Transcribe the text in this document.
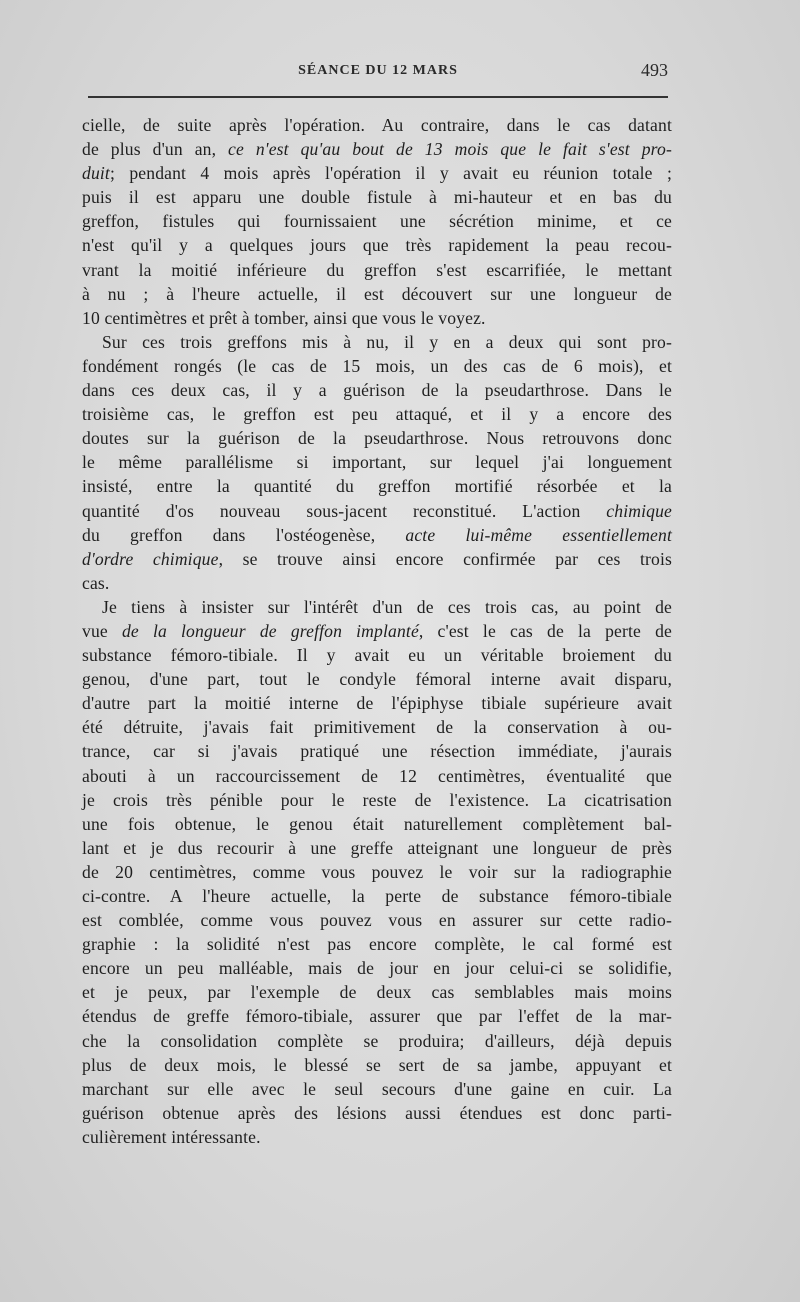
SÉANCE DU 12 MARS	493
cielle, de suite après l'opération. Au contraire, dans le cas datant
de plus d'un an, ce n'est qu'au bout de 13 mois que le fait s'est pro-
duit; pendant 4 mois après l'opération il y avait eu réunion totale ;
puis il est apparu une double fistule à mi-hauteur et en bas du
greffon, fistules qui fournissaient une sécrétion minime, et ce
n'est qu'il y a quelques jours que très rapidement la peau recou-
vrant la moitié inférieure du greffon s'est escarrifiée, le mettant
à nu ; à l'heure actuelle, il est découvert sur une longueur de
10 centimètres et prêt à tomber, ainsi que vous le voyez.
Sur ces trois greffons mis à nu, il y en a deux qui sont pro-
fondément rongés (le cas de 15 mois, un des cas de 6 mois), et
dans ces deux cas, il y a guérison de la pseudarthrose. Dans le
troisième cas, le greffon est peu attaqué, et il y a encore des
doutes sur la guérison de la pseudarthrose. Nous retrouvons donc
le même parallélisme si important, sur lequel j'ai longuement
insisté, entre la quantité du greffon mortifié résorbée et la
quantité d'os nouveau sous-jacent reconstitué. L'action chimique
du greffon dans l'ostéogenèse, acte lui-même essentiellement
d'ordre chimique, se trouve ainsi encore confirmée par ces trois
cas.
Je tiens à insister sur l'intérêt d'un de ces trois cas, au point de
vue de la longueur de greffon implanté, c'est le cas de la perte de
substance fémoro-tibiale. Il y avait eu un véritable broiement du
genou, d'une part, tout le condyle fémoral interne avait disparu,
d'autre part la moitié interne de l'épiphyse tibiale supérieure avait
été détruite, j'avais fait primitivement de la conservation à ou-
trance, car si j'avais pratiqué une résection immédiate, j'aurais
abouti à un raccourcissement de 12 centimètres, éventualité que
je crois très pénible pour le reste de l'existence. La cicatrisation
une fois obtenue, le genou était naturellement complètement bal-
lant et je dus recourir à une greffe atteignant une longueur de près
de 20 centimètres, comme vous pouvez le voir sur la radiographie
ci-contre. A l'heure actuelle, la perte de substance fémoro-tibiale
est comblée, comme vous pouvez vous en assurer sur cette radio-
graphie : la solidité n'est pas encore complète, le cal formé est
encore un peu malléable, mais de jour en jour celui-ci se solidifie,
et je peux, par l'exemple de deux cas semblables mais moins
étendus de greffe fémoro-tibiale, assurer que par l'effet de la mar-
che la consolidation complète se produira; d'ailleurs, déjà depuis
plus de deux mois, le blessé se sert de sa jambe, appuyant et
marchant sur elle avec le seul secours d'une gaine en cuir. La
guérison obtenue après des lésions aussi étendues est donc parti-
culièrement intéressante.
